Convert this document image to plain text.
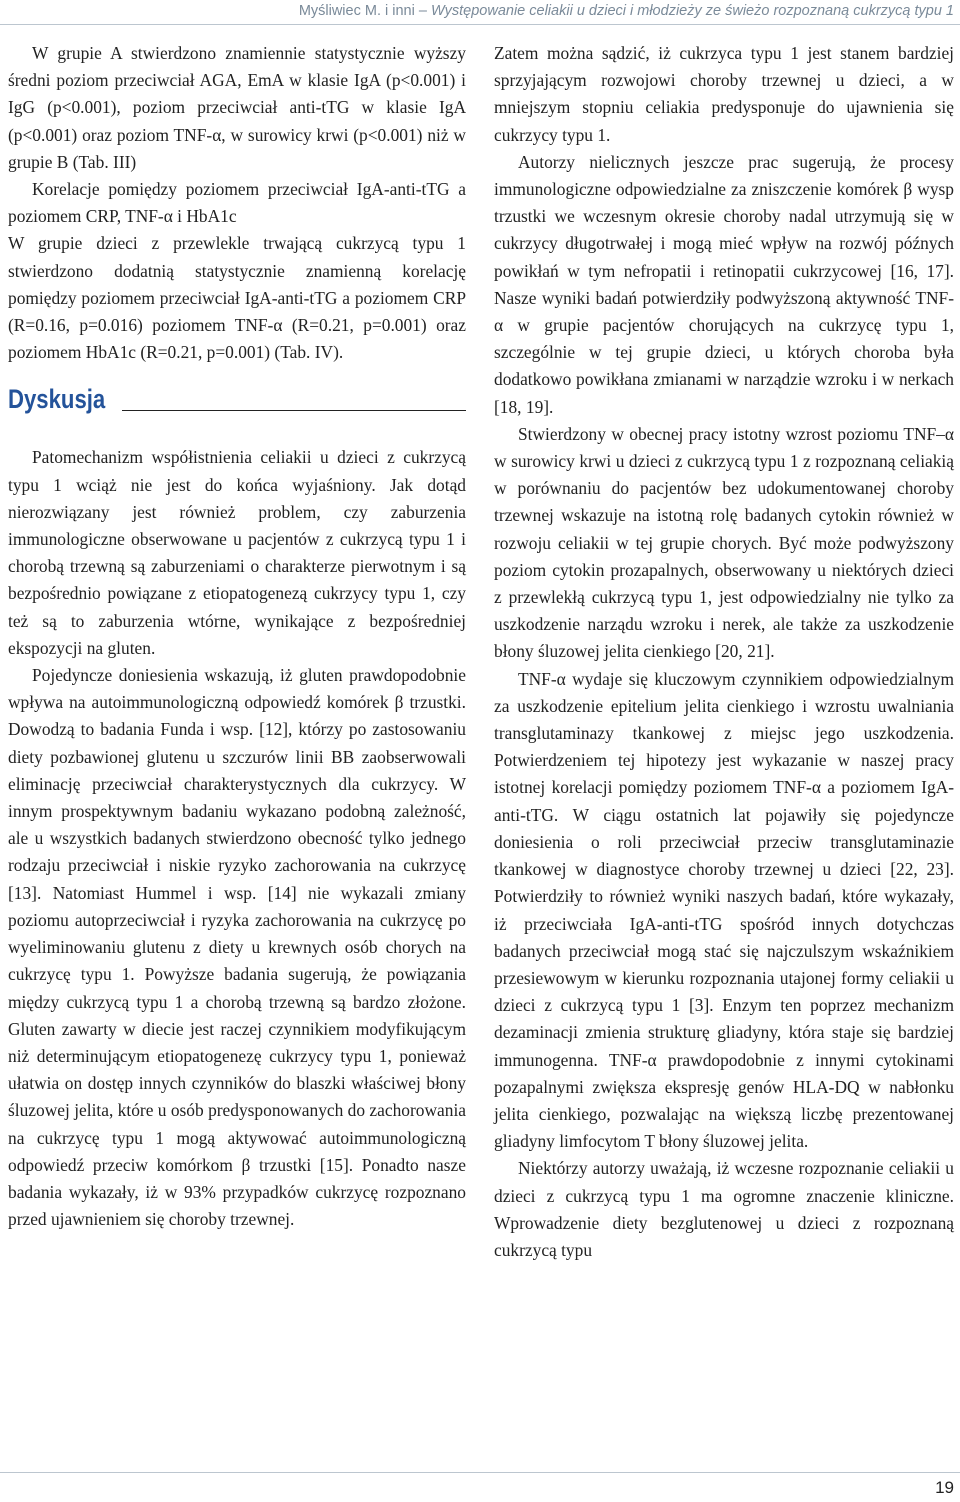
Myśliwiec M. i inni – Występowanie celiakii u dzieci i młodzieży ze świeżo rozpoznaną cukrzycą typu 1

W grupie A stwierdzono znamiennie statystycznie wyższy średni poziom przeciwciał AGA, EmA w klasie IgA (p<0.001) i IgG (p<0.001), poziom przeciwciał anti-tTG w klasie IgA (p<0.001) oraz poziom TNF-α, w surowicy krwi (p<0.001) niż w grupie B (Tab. III)

Korelacje pomiędzy poziomem przeciwciał IgA-anti-tTG a poziomem CRP, TNF-α i HbA1c

W grupie dzieci z przewlekle trwającą cukrzycą typu 1 stwierdzono dodatnią statystycznie znamienną korelację pomiędzy poziomem przeciwciał IgA-anti-tTG a poziomem CRP (R=0.16, p=0.016) poziomem TNF-α (R=0.21, p=0.001) oraz poziomem HbA1c (R=0.21, p=0.001) (Tab. IV).

Dyskusja

Patomechanizm współistnienia celiakii u dzieci z cukrzycą typu 1 wciąż nie jest do końca wyjaśniony. Jak dotąd nierozwiązany jest również problem, czy zaburzenia immunologiczne obserwowane u pacjentów z cukrzycą typu 1 i chorobą trzewną są zaburzeniami o charakterze pierwotnym i są bezpośrednio powiązane z etiopatogenezą cukrzycy typu 1, czy też są to zaburzenia wtórne, wynikające z bezpośredniej ekspozycji na gluten.

Pojedyncze doniesienia wskazują, iż gluten prawdopodobnie wpływa na autoimmunologiczną odpowiedź komórek β trzustki. Dowodzą to badania Funda i wsp. [12], którzy po zastosowaniu diety pozbawionej glutenu u szczurów linii BB zaobserwowali eliminację przeciwciał charakterystycznych dla cukrzycy. W innym prospektywnym badaniu wykazano podobną zależność, ale u wszystkich badanych stwierdzono obecność tylko jednego rodzaju przeciwciał i niskie ryzyko zachorowania na cukrzycę [13]. Natomiast Hummel i wsp. [14] nie wykazali zmiany poziomu autoprzeciwciał i ryzyka zachorowania na cukrzycę po wyeliminowaniu glutenu z diety u krewnych osób chorych na cukrzycę typu 1. Powyższe badania sugerują, że powiązania między cukrzycą typu 1 a chorobą trzewną są bardzo złożone. Gluten zawarty w diecie jest raczej czynnikiem modyfikującym niż determinującym etiopatogenezę cukrzycy typu 1, ponieważ ułatwia on dostęp innych czynników do blaszki właściwej błony śluzowej jelita, które u osób predysponowanych do zachorowania na cukrzycę typu 1 mogą aktywować autoimmunologiczną odpowiedź przeciw komórkom β trzustki [15]. Ponadto nasze badania wykazały, iż w 93% przypadków cukrzycę rozpoznano przed ujawnieniem się choroby trzewnej.

Zatem można sądzić, iż cukrzyca typu 1 jest stanem bardziej sprzyjającym rozwojowi choroby trzewnej u dzieci, a w mniejszym stopniu celiakia predysponuje do ujawnienia się cukrzycy typu 1.

Autorzy nielicznych jeszcze prac sugerują, że procesy immunologiczne odpowiedzialne za zniszczenie komórek β wysp trzustki we wczesnym okresie choroby nadal utrzymują się w cukrzycy długotrwałej i mogą mieć wpływ na rozwój późnych powikłań w tym nefropatii i retinopatii cukrzycowej [16, 17]. Nasze wyniki badań potwierdziły podwyższoną aktywność TNF-α w grupie pacjentów chorujących na cukrzycę typu 1, szczególnie w tej grupie dzieci, u których choroba była dodatkowo powikłana zmianami w narządzie wzroku i w nerkach [18, 19].

Stwierdzony w obecnej pracy istotny wzrost poziomu TNF–α w surowicy krwi u dzieci z cukrzycą typu 1 z rozpoznaną celiakią w porównaniu do pacjentów bez udokumentowanej choroby trzewnej wskazuje na istotną rolę badanych cytokin również w rozwoju celiakii w tej grupie chorych. Być może podwyższony poziom cytokin prozapalnych, obserwowany u niektórych dzieci z przewlekłą cukrzycą typu 1, jest odpowiedzialny nie tylko za uszkodzenie narządu wzroku i nerek, ale także za uszkodzenie błony śluzowej jelita cienkiego [20, 21].

TNF-α wydaje się kluczowym czynnikiem odpowiedzialnym za uszkodzenie epitelium jelita cienkiego i wzrostu uwalniania transglutaminazy tkankowej z miejsc jego uszkodzenia. Potwierdzeniem tej hipotezy jest wykazanie w naszej pracy istotnej korelacji pomiędzy poziomem TNF-α a poziomem IgA-anti-tTG. W ciągu ostatnich lat pojawiły się pojedyncze doniesienia o roli przeciwciał przeciw transglutaminazie tkankowej w diagnostyce choroby trzewnej u dzieci [22, 23]. Potwierdziły to również wyniki naszych badań, które wykazały, iż przeciwciała IgA-anti-tTG spośród innych dotychczas badanych przeciwciał mogą stać się najczulszym wskaźnikiem przesiewowym w kierunku rozpoznania utajonej formy celiakii u dzieci z cukrzycą typu 1 [3]. Enzym ten poprzez mechanizm dezaminacji zmienia strukturę gliadyny, która staje się bardziej immunogenna. TNF-α prawdopodobnie z innymi cytokinami pozapalnymi zwiększa ekspresję genów HLA-DQ w nabłonku jelita cienkiego, pozwalając na większą liczbę prezentowanej gliadyny limfocytom T błony śluzowej jelita.

Niektórzy autorzy uważają, iż wczesne rozpoznanie celiakii u dzieci z cukrzycą typu 1 ma ogromne znaczenie kliniczne. Wprowadzenie diety bezglutenowej u dzieci z rozpoznaną cukrzycą typu

19
